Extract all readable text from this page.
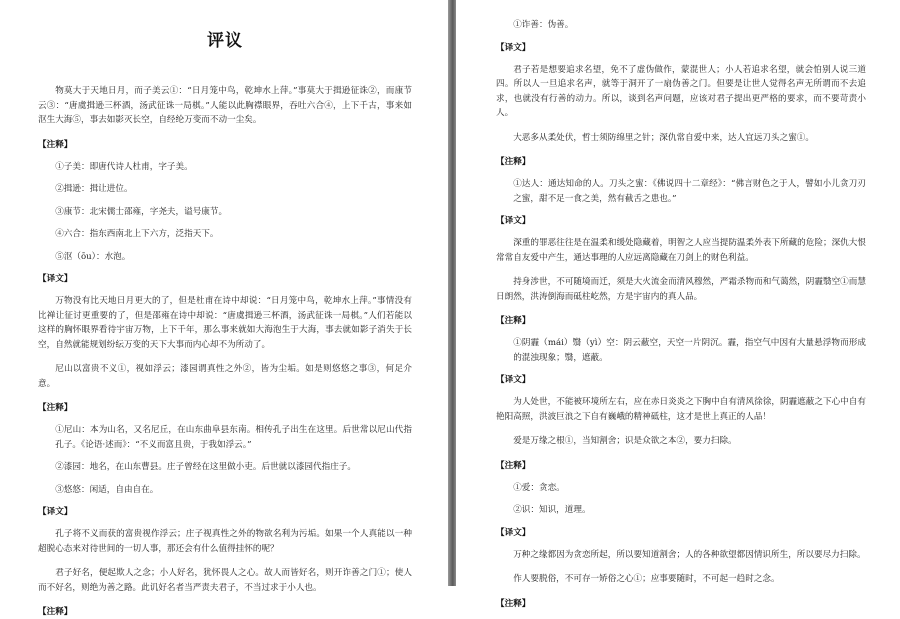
评议

物莫大于天地日月，而子美云①：“日月笼中鸟，乾坤水上萍。”事莫大于揖逊征诛②，而康节云③：“唐虞揖逊三杯酒，汤武征诛一局棋。”人能以此胸襟眼界，吞吐六合④，上下千古，事来如沤生大海⑤，事去如影灭长空，自经纶万变而不动一尘矣。

【注释】

①子美：即唐代诗人杜甫，字子美。

②揖逊：揖让进位。

③康节：北宋儒士邵雍，字尧夫，谥号康节。

④六合：指东西南北上下六方，泛指天下。

⑤沤（ōu）：水泡。

【译文】

万物没有比天地日月更大的了，但是杜甫在诗中却说：“日月笼中鸟，乾坤水上萍。”事情没有比禅让征讨更重要的了，但是邵雍在诗中却说：“唐虞揖逊三杯酒，汤武征诛一局棋。”人们若能以这样的胸怀眼界看待宇宙万物，上下千年，那么事来就如大海泡生于大海，事去就如影子消失于长空，自然就能规划纷纭万变的天下大事而内心却不为所动了。

尼山以富贵不义①，视如浮云；漆园谓真性之外②，皆为尘垢。如是则悠悠之事③，何足介意。

【注释】

①尼山：本为山名，又名尼丘，在山东曲阜县东南。相传孔子出生在这里。后世常以尼山代指孔子。《论语·述而》：“不义而富且贵，于我如浮云。”

②漆园：地名，在山东曹县。庄子曾经在这里做小吏。后世就以漆园代指庄子。

③悠悠：闲适，自由自在。

【译文】

孔子将不义而获的富贵视作浮云；庄子视真性之外的物欲名利为污垢。如果一个人真能以一种超脱心态来对待世间的一切人事，那还会有什么值得挂怀的呢？

君子好名，便起欺人之念；小人好名，犹怀畏人之心。故人而皆好名，则开诈善之门①；使人而不好名，则绝为善之路。此讥好名者当严责夫君子，不当过求于小人也。

【注释】

①诈善：伪善。

【译文】

君子若是想要追求名望，免不了虚伪做作，蒙混世人；小人若追求名望，就会怕别人说三道四。所以人一旦追求名声，就等于洞开了一扇伪善之门。但要是让世人觉得名声无所谓而不去追求，也就没有行善的动力。所以，谈到名声问题，应该对君子提出更严格的要求，而不要苛责小人。

大恶多从柔处伏，哲士须防绵里之针；深仇常自爱中来，达人宜远刀头之蜜①。

【注释】

①达人：通达知命的人。刀头之蜜：《佛说四十二章经》：“佛言财色之于人，譬如小儿贪刀刃之蜜，甜不足一食之美，然有截舌之患也。”

【译文】

深重的罪恶往往是在温柔和缓处隐藏着，明智之人应当提防温柔外表下所藏的危险；深仇大恨常常自友爱中产生，通达事理的人应远离隐藏在刀剑上的财色利益。

持身涉世，不可随境而迁，须是大火流金而清风穆然，严霜杀物而和气蔼然，阴霾翳空①而慧日朗然，洪涛倒海而砥柱屹然，方是宇宙内的真人品。

【注释】

①阴霾（mái）翳（yì）空：阴云蔽空，天空一片阴沉。霾，指空气中因有大量悬浮物而形成的混浊现象；翳，遮蔽。

【译文】

为人处世，不能被环境所左右，应在赤日炎炎之下胸中自有清风徐徐，阴霾遮蔽之下心中自有艳阳高照，洪波巨浪之下自有巍峨的精神砥柱，这才是世上真正的人品！

爱是万缘之根①，当知割舍；识是众欲之本②，要力扫除。

【注释】

①爱：贪恋。

②识：知识，道理。

【译文】

万种之缘都因为贪恋所起，所以要知道割舍；人的各种欲望都因情识所生，所以要尽力扫除。

作人要脱俗，不可存一矫俗之心①；应事要随时，不可起一趋时之念。

【注释】
